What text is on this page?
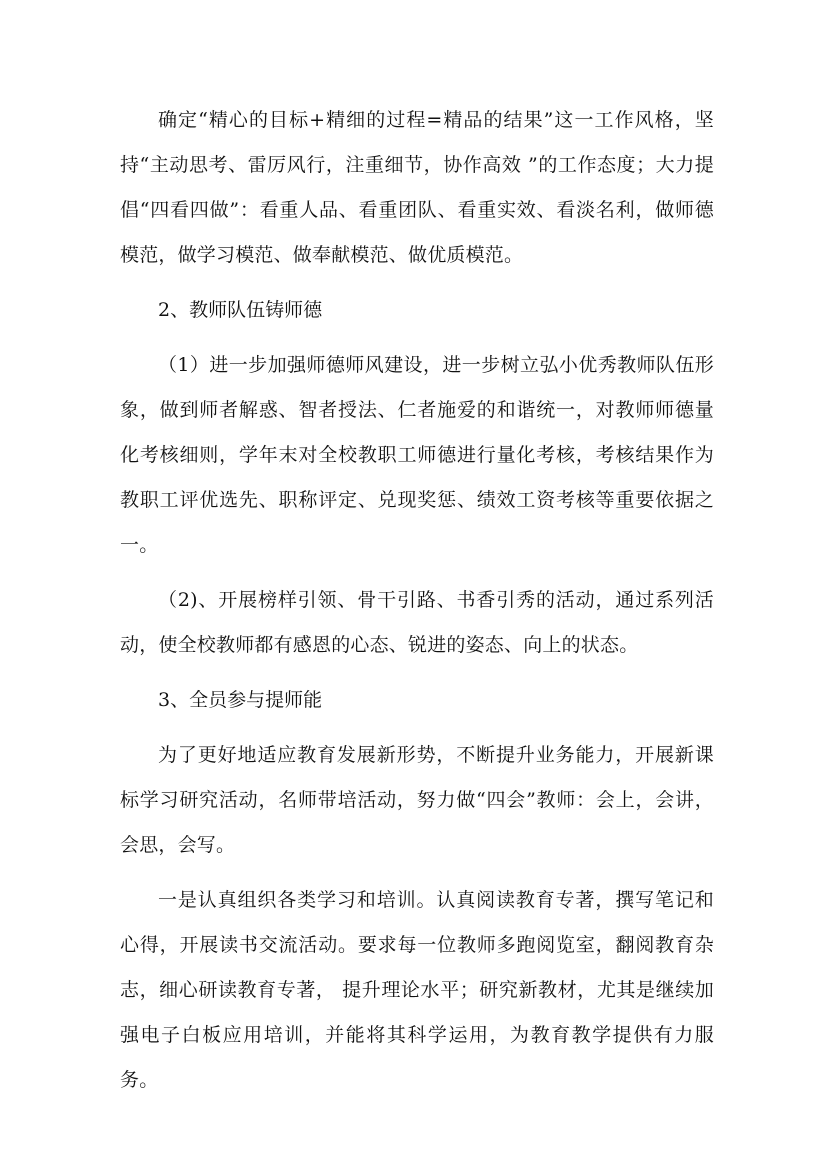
确定“精心的目标+精细的过程=精品的结果”这一工作风格，坚持“主动思考、雷厉风行，注重细节，协作高效 ”的工作态度；大力提倡“四看四做”：看重人品、看重团队、看重实效、看淡名利，做师德模范，做学习模范、做奉献模范、做优质模范。

2、教师队伍铸师德

（1）进一步加强师德师风建设，进一步树立弘小优秀教师队伍形象，做到师者解惑、智者授法、仁者施爱的和谐统一，对教师师德量化考核细则，学年末对全校教职工师德进行量化考核，考核结果作为教职工评优选先、职称评定、兑现奖惩、绩效工资考核等重要依据之一。

（2)、开展榜样引领、骨干引路、书香引秀的活动，通过系列活动，使全校教师都有感恩的心态、锐进的姿态、向上的状态。

3、全员参与提师能

为了更好地适应教育发展新形势，不断提升业务能力，开展新课标学习研究活动，名师带培活动，努力做“四会”教师：会上，会讲，会思，会写。

一是认真组织各类学习和培训。认真阅读教育专著，撰写笔记和心得，开展读书交流活动。要求每一位教师多跑阅览室，翻阅教育杂志，细心研读教育专著， 提升理论水平；研究新教材，尤其是继续加强电子白板应用培训，并能将其科学运用，为教育教学提供有力服务。
